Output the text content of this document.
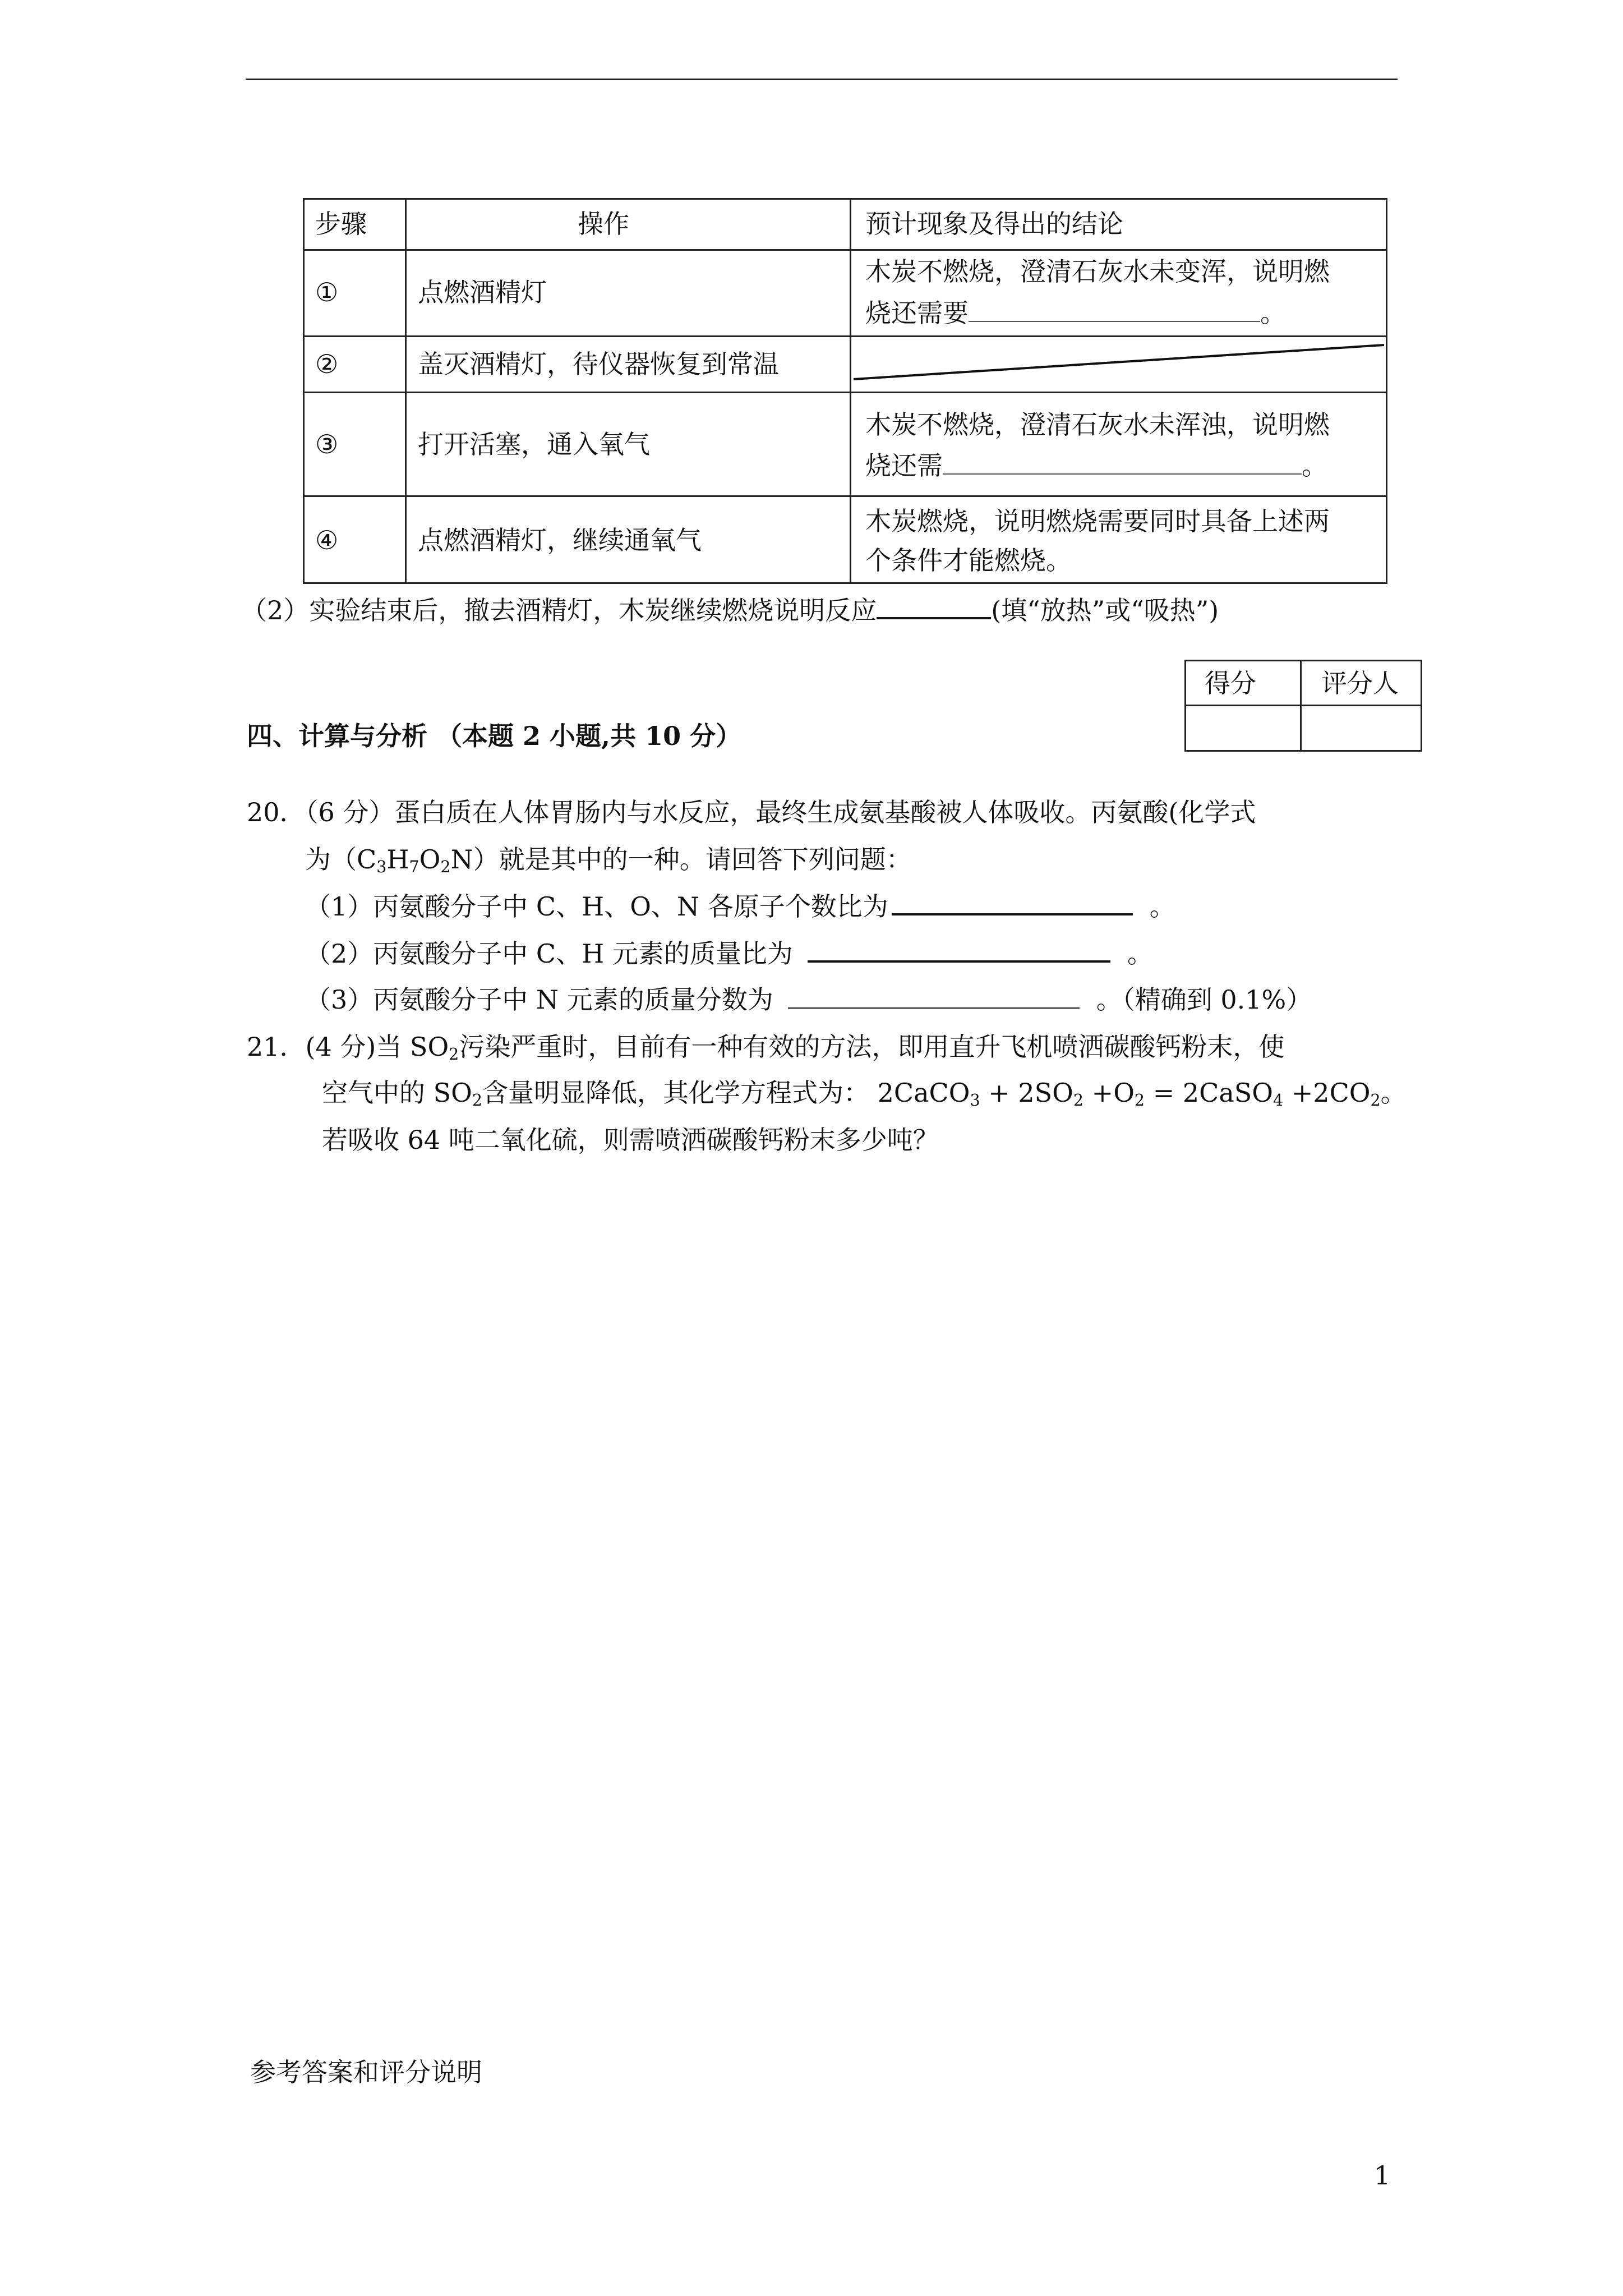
步骤	操作	预计现象及得出的结论
①	点燃酒精灯
木炭不燃烧，澄清石灰水未变浑，说明燃
烧还需要	。
②	盖灭酒精灯，待仪器恢复到常温
③	打开活塞，通入氧气
木炭不燃烧，澄清石灰水未浑浊，说明燃
烧还需	。
④	点燃酒精灯，继续通氧气
木炭燃烧，说明燃烧需要同时具备上述两
个条件才能燃烧。
（2）实验结束后，撤去酒精灯，木炭继续燃烧说明反应	(填“放热”或“吸热”)
得分	评分人
四、计算与分析 （本题 2 小题,共 10 分）
20．（6 分）蛋白质在人体胃肠内与水反应，最终生成氨基酸被人体吸收。丙氨酸(化学式
为$(C_3H_7O_2N)$就是其中的一种。请回答下列问题：
（1）丙氨酸分子中 C、H、O、N 各原子个数比为	。
（2）丙氨酸分子中 C、H 元素的质量比为	。
（3）丙氨酸分子中 N 元素的质量分数为	。（精确到 0.1%）
21．(4 分)当 $SO_2$污染严重时，目前有一种有效的方法，即用直升飞机喷洒碳酸钙粉末，使
空气中的 $SO_2$含量明显降低，其化学方程式为： 2CaCO$_3$ + $2SO_2 +O_2$ = 2CaSO$_4$ $+2CO_2$。
若吸收 64 吨二氧化硫，则需喷洒碳酸钙粉末多少吨？
参考答案和评分说明
1
